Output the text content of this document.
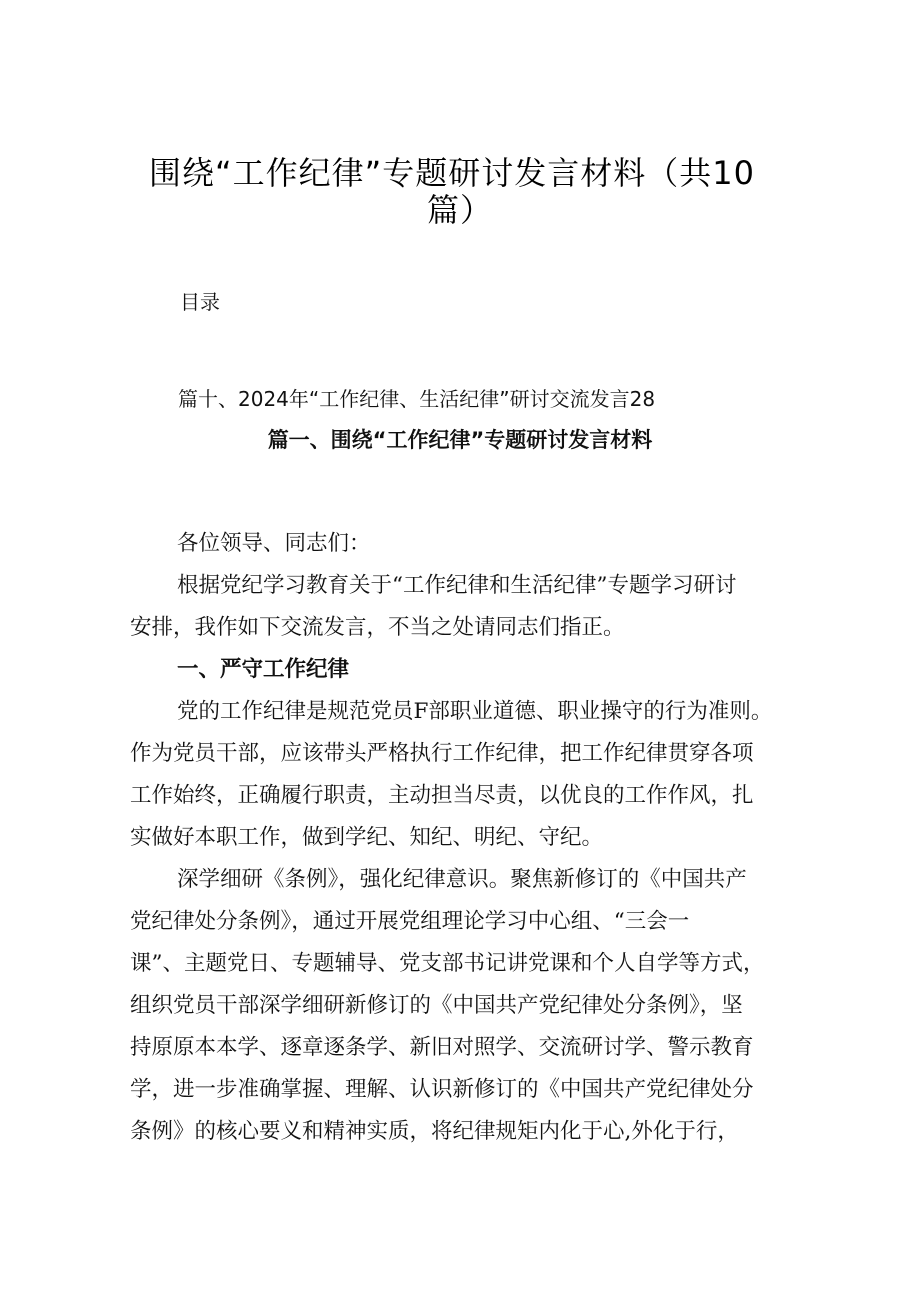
围绕“工作纪律”专题研讨发言材料（共10
篇）
目录
篇十、2024年“工作纪律、生活纪律”研讨交流发言28
篇一、围绕“工作纪律”专题研讨发言材料
各位领导、同志们：
根据党纪学习教育关于“工作纪律和生活纪律”专题学习研讨
安排，我作如下交流发言，不当之处请同志们指正。
一、严守工作纪律
党的工作纪律是规范党员F部职业道德、职业操守的行为准则。
作为党员干部，应该带头严格执行工作纪律，把工作纪律贯穿各项
工作始终，正确履行职责，主动担当尽责，以优良的工作作风，扎
实做好本职工作，做到学纪、知纪、明纪、守纪。
深学细研《条例》，强化纪律意识。聚焦新修订的《中国共产
党纪律处分条例》，通过开展党组理论学习中心组、“三会一
课”、主题党日、专题辅导、党支部书记讲党课和个人自学等方式，
组织党员干部深学细研新修订的《中国共产党纪律处分条例》，坚
持原原本本学、逐章逐条学、新旧对照学、交流研讨学、警示教育
学，进一步准确掌握、理解、认识新修订的《中国共产党纪律处分
条例》的核心要义和精神实质，将纪律规矩内化于心,外化于行，
